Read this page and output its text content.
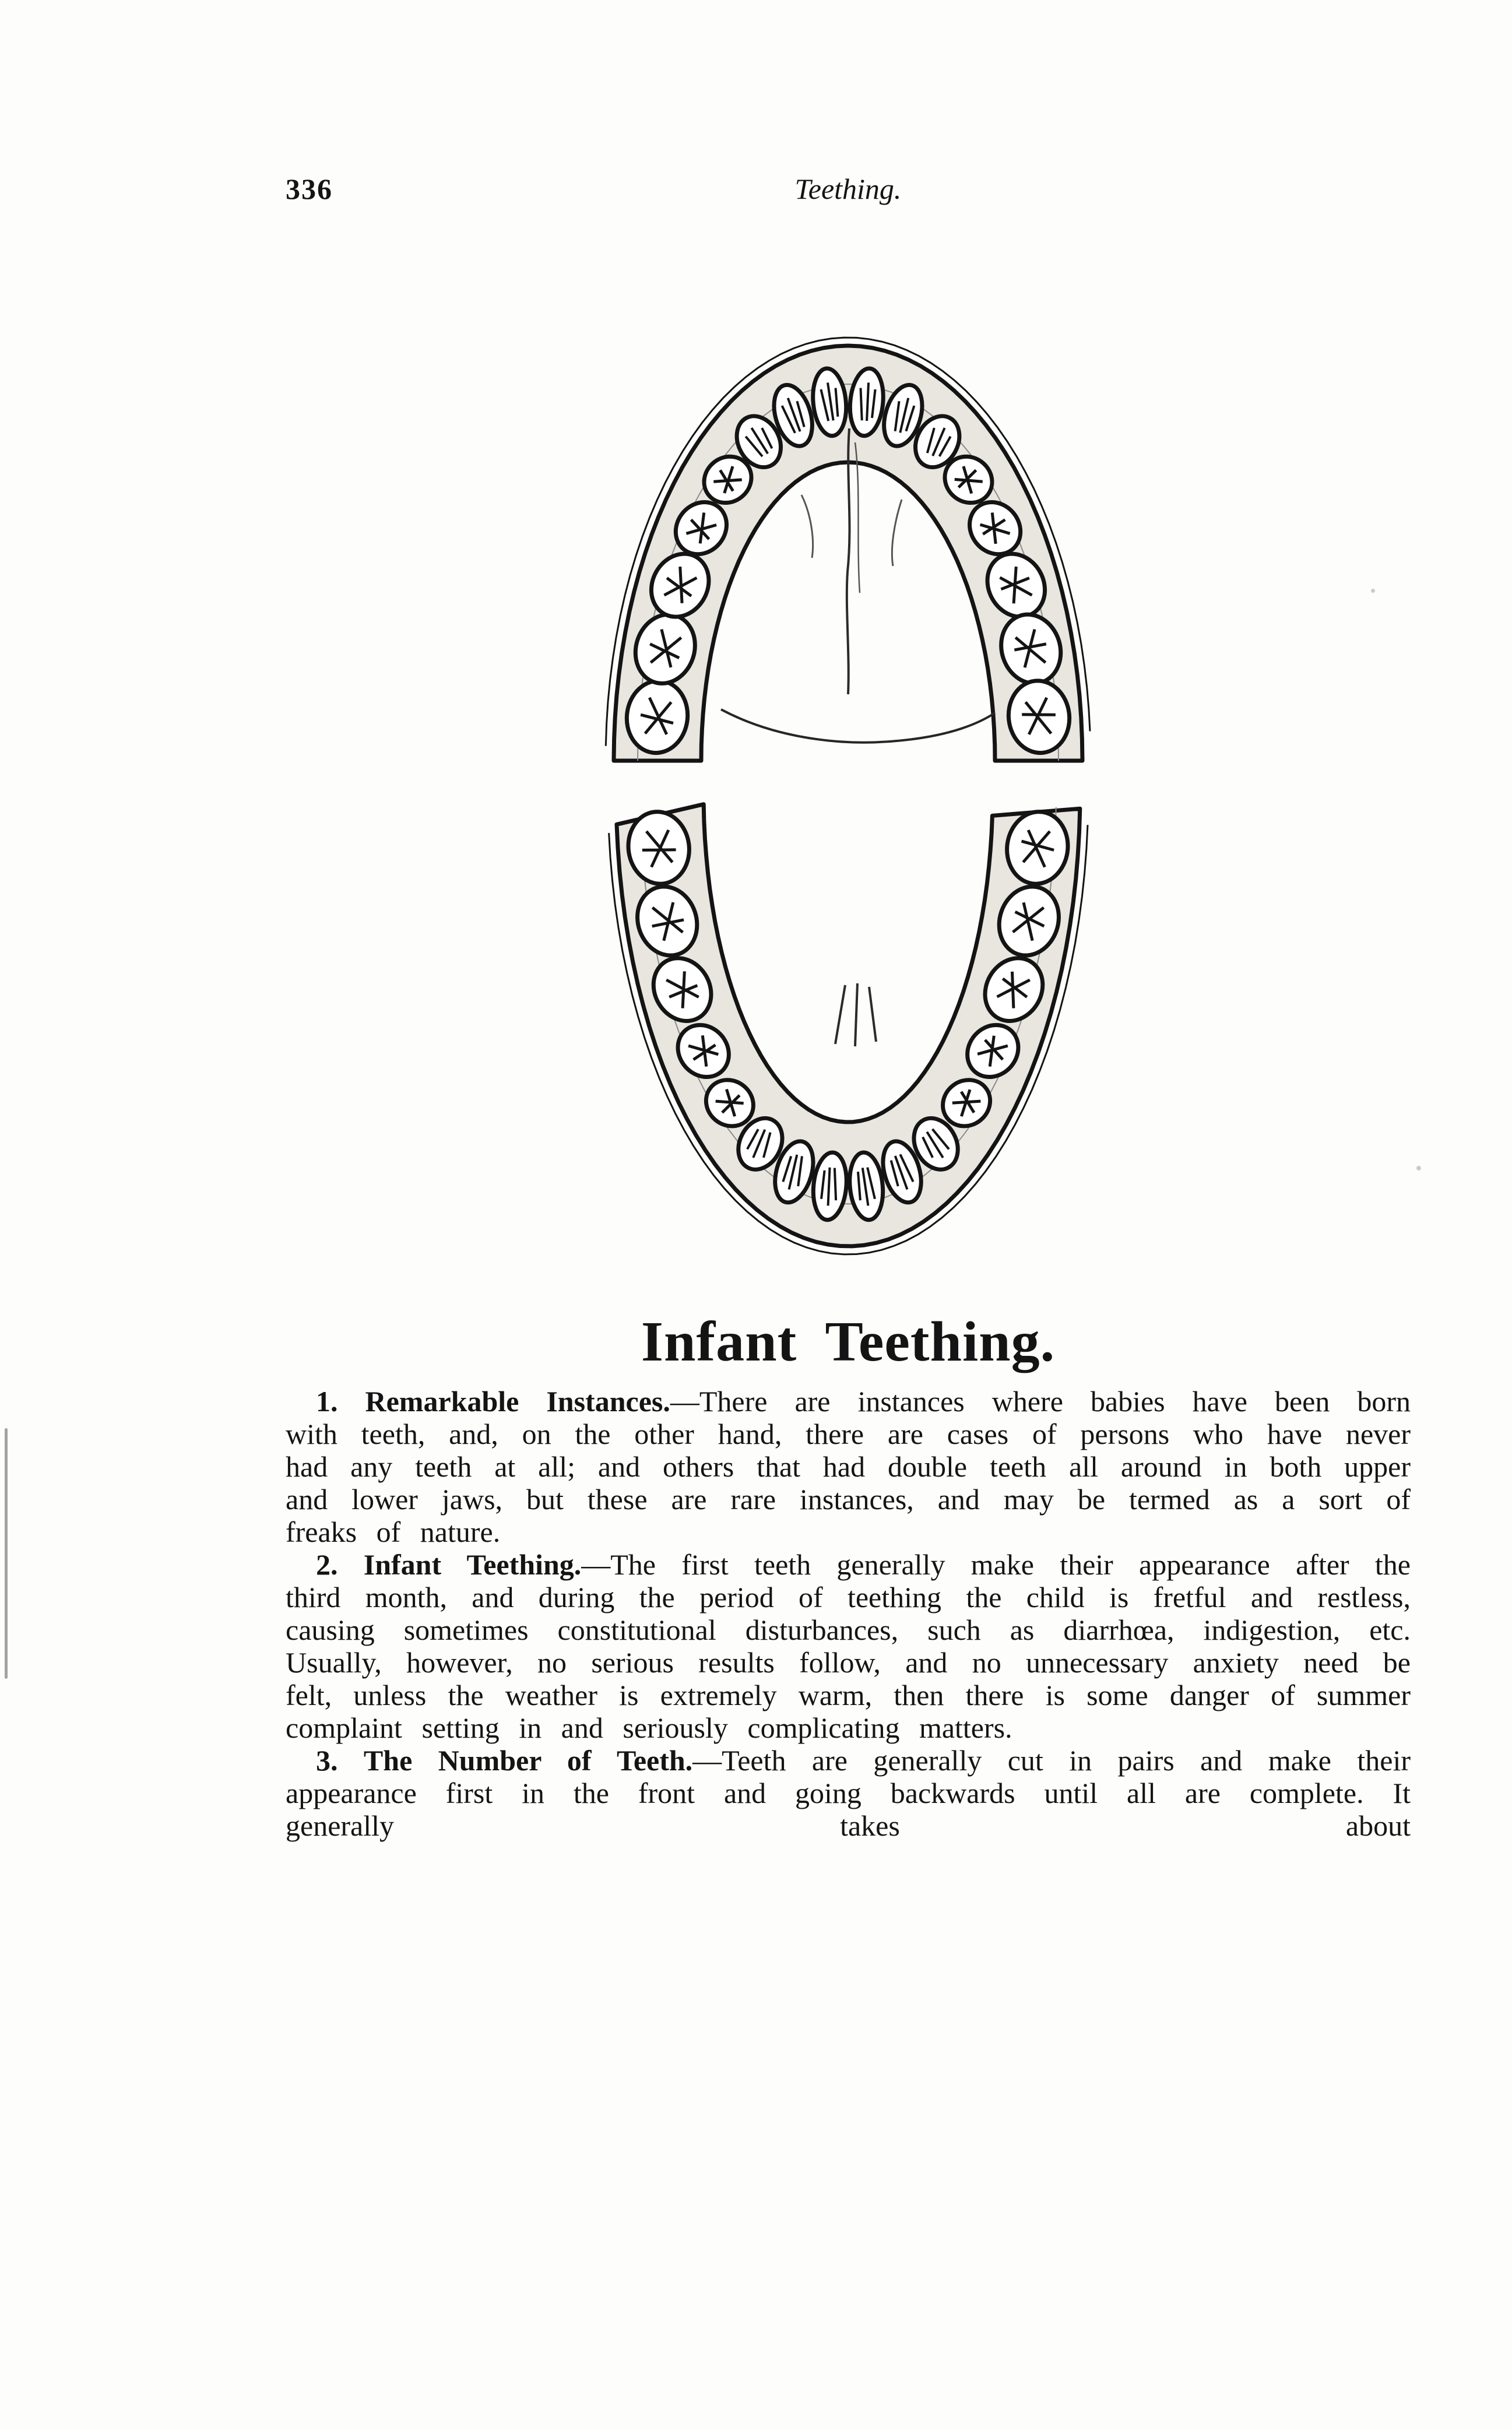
336	Teething.
Infant Teething.

1. Remarkable Instances.—There are instances where babies have been born with teeth, and, on the other hand, there are cases of persons who have never had any teeth at all; and others that had double teeth all around in both upper and lower jaws, but these are rare instances, and may be termed as a sort of freaks of nature.

2. Infant Teething.—The first teeth generally make their appearance after the third month, and during the period of teething the child is fretful and restless, causing sometimes constitutional disturbances, such as diarrhœa, indigestion, etc. Usually, however, no serious results follow, and no unnecessary anxiety need be felt, unless the weather is extremely warm, then there is some danger of summer complaint setting in and seriously complicating matters.

3. The Number of Teeth.—Teeth are generally cut in pairs and make their appearance first in the front and going backwards until all are complete. It generally takes about
